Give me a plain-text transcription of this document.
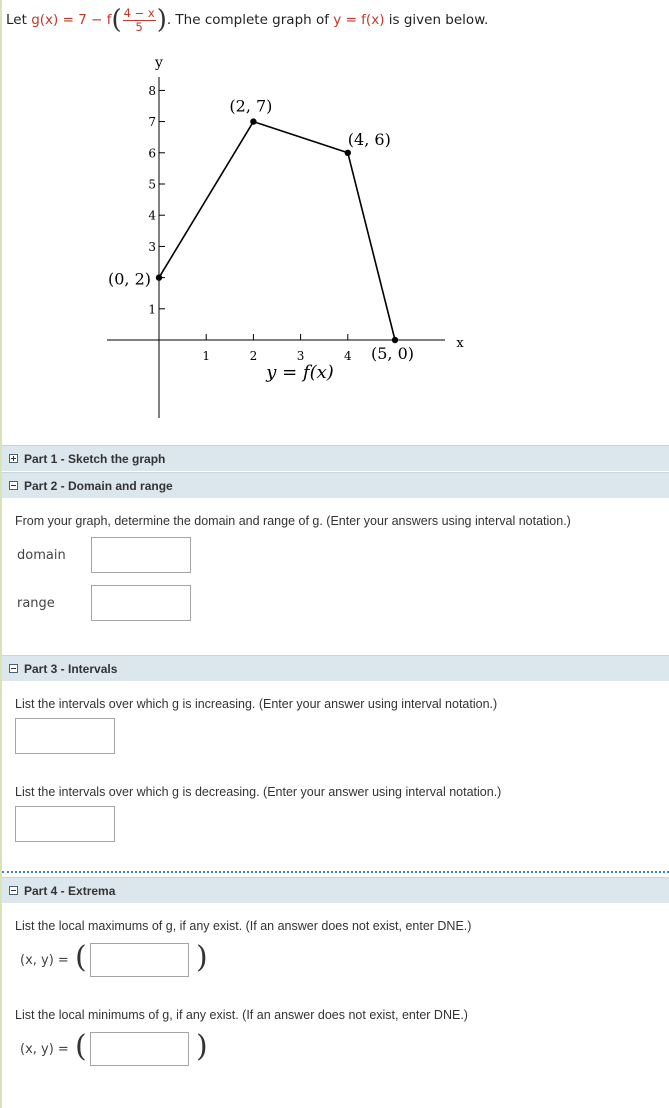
Let
g(x)
=
7
−
f ( $\frac{4 - x}{5}$ ) . The complete graph of
y = f(x)
is given below.
1
3
4
5
6
7
8
1	2	3	4
y
x
(0, 2)
(2, 7)
(4, 6)
(5, 0)
y = f(x)
Part 1 - Sketch the graph
Part 2 - Domain and range
From your graph, determine the domain and range of g. (Enter your answers using interval notation.)
domain
range
Part 3 - Intervals
List the intervals over which g is increasing. (Enter your answer using interval notation.)
List the intervals over which g is decreasing. (Enter your answer using interval notation.)
Part 4 - Extrema
List the local maximums of g, if any exist. (If an answer does not exist, enter DNE.)
(x, y) = (	)
List the local minimums of g, if any exist. (If an answer does not exist, enter DNE.)
(x, y) = (	)
